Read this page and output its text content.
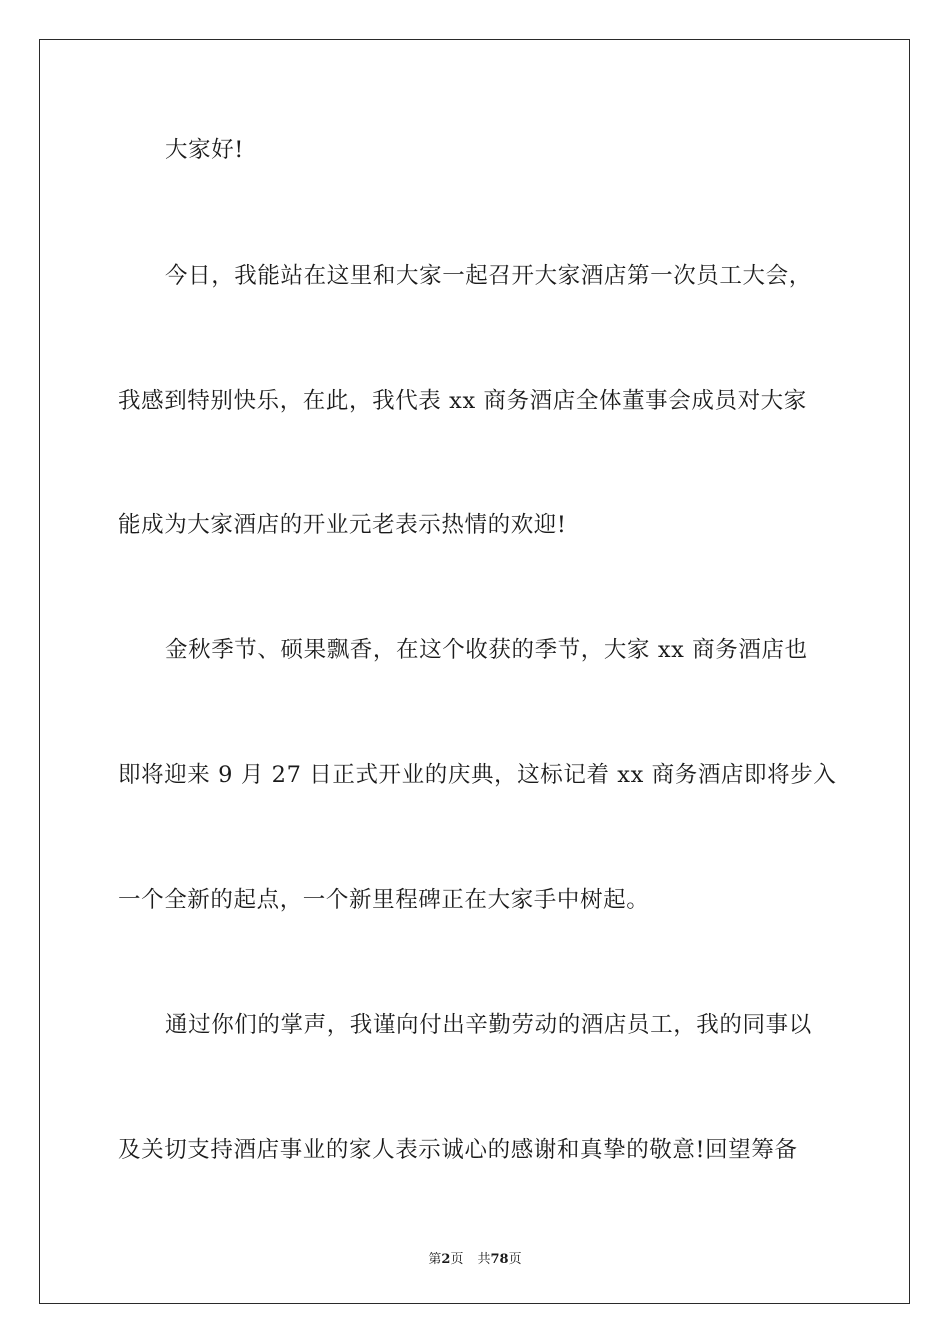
大家好!
今日，我能站在这里和大家一起召开大家酒店第一次员工大会，
我感到特别快乐，在此，我代表 xx 商务酒店全体董事会成员对大家
能成为大家酒店的开业元老表示热情的欢迎!
金秋季节、硕果飘香，在这个收获的季节，大家 xx 商务酒店也
即将迎来 9 月 27 日正式开业的庆典，这标记着 xx 商务酒店即将步入
一个全新的起点，一个新里程碑正在大家手中树起。
通过你们的掌声，我谨向付出辛勤劳动的酒店员工，我的同事以
及关切支持酒店事业的家人表示诚心的感谢和真挚的敬意!回望筹备
第2页 共78页
